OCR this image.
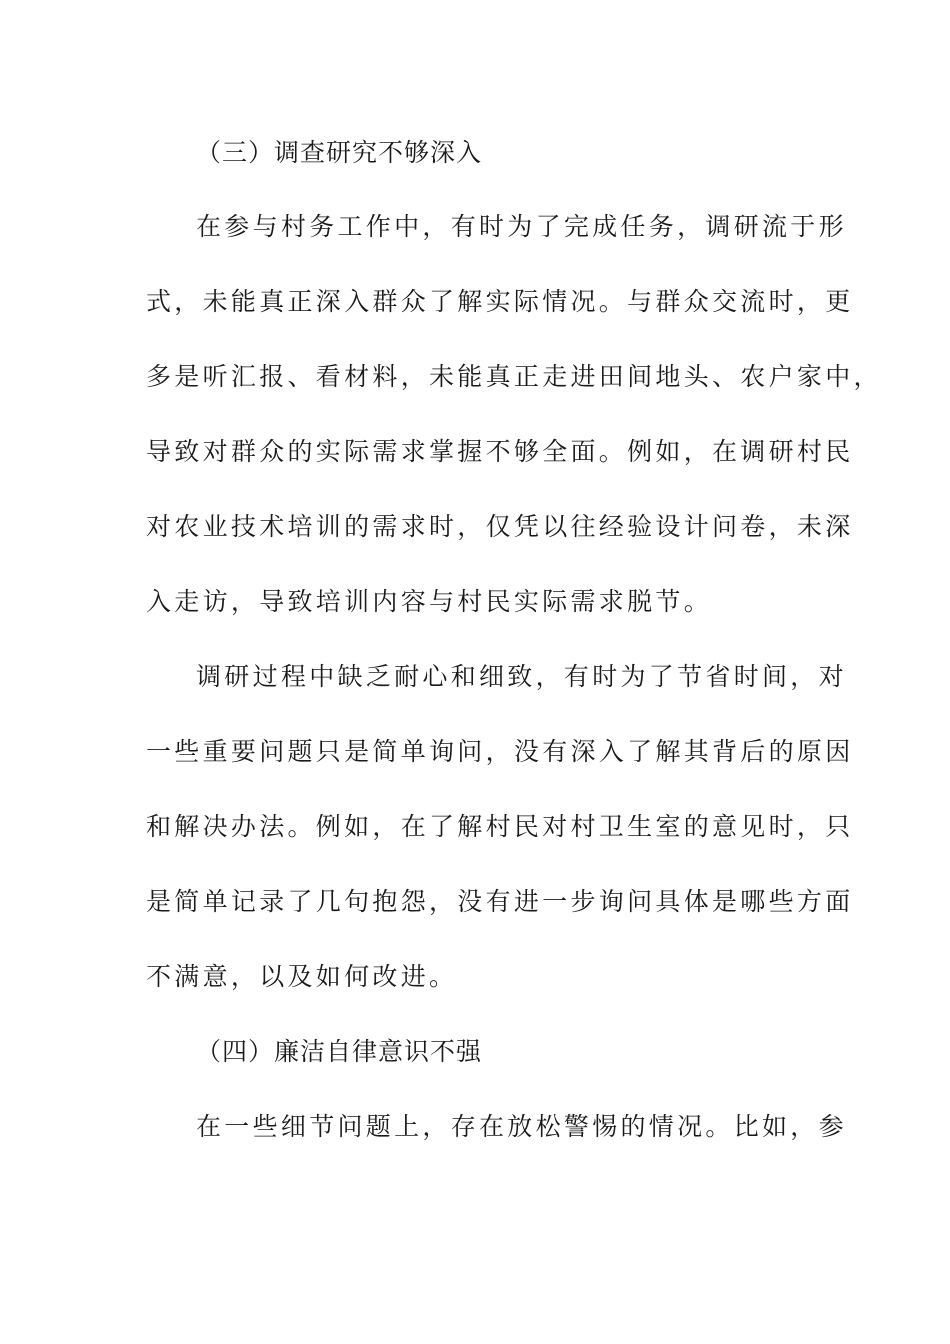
（三）调查研究不够深入
在参与村务工作中，有时为了完成任务，调研流于形
式，未能真正深入群众了解实际情况。与群众交流时，更
多是听汇报、看材料，未能真正走进田间地头、农户家中，
导致对群众的实际需求掌握不够全面。例如，在调研村民
对农业技术培训的需求时，仅凭以往经验设计问卷，未深
入走访，导致培训内容与村民实际需求脱节。
调研过程中缺乏耐心和细致，有时为了节省时间，对
一些重要问题只是简单询问，没有深入了解其背后的原因
和解决办法。例如，在了解村民对村卫生室的意见时，只
是简单记录了几句抱怨，没有进一步询问具体是哪些方面
不满意，以及如何改进。
（四）廉洁自律意识不强
在一些细节问题上，存在放松警惕的情况。比如，参
